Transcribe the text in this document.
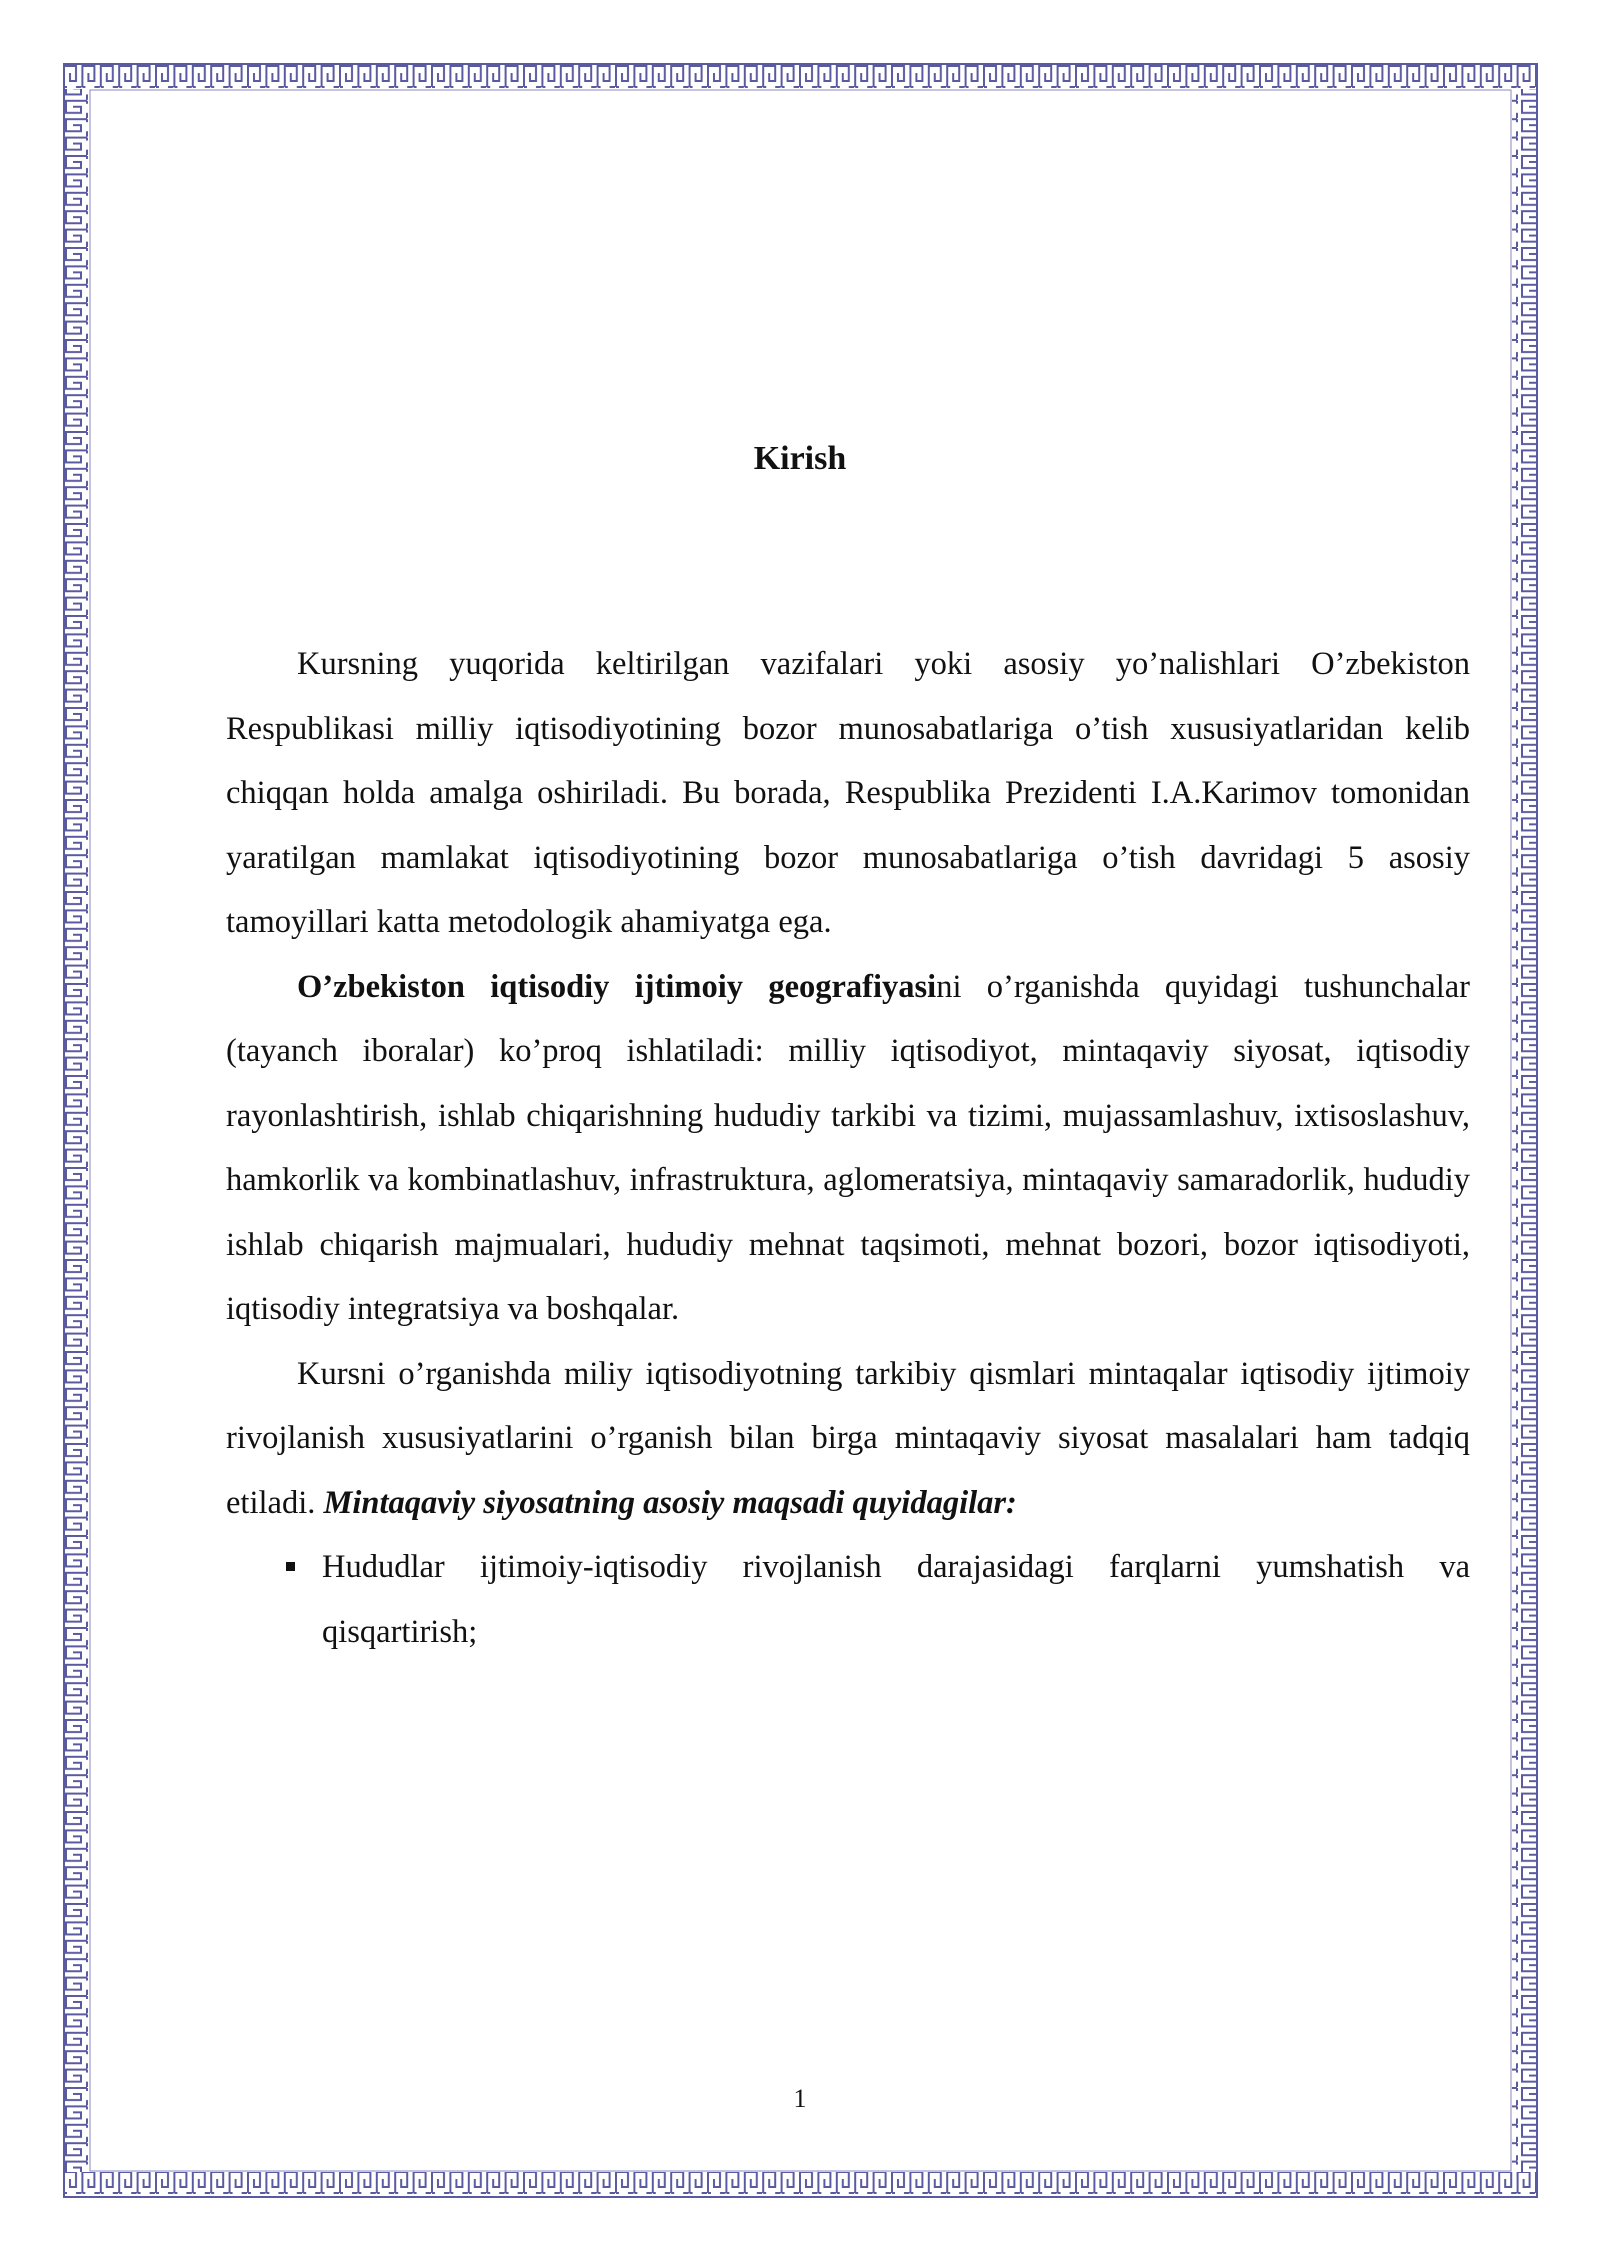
Kirish

Kursning yuqorida keltirilgan vazifalari yoki asosiy yo’nalishlari O’zbekiston Respublikasi milliy iqtisodiyotining bozor munosabatlariga o’tish xususiyatlaridan kelib chiqqan holda amalga oshiriladi. Bu borada, Respublika Prezidenti I.A.Karimov tomonidan yaratilgan mamlakat iqtisodiyotining bozor munosabatlariga o’tish davridagi 5 asosiy tamoyillari katta metodologik ahamiyatga ega.

O’zbekiston iqtisodiy ijtimoiy geografiyasini o’rganishda quyidagi tushunchalar (tayanch iboralar) ko’proq ishlatiladi: milliy iqtisodiyot, mintaqaviy siyosat, iqtisodiy rayonlashtirish, ishlab chiqarishning hududiy tarkibi va tizimi, mujassamlashuv, ixtisoslashuv, hamkorlik va kombinatlashuv, infrastruktura, aglomeratsiya, mintaqaviy samaradorlik, hududiy ishlab chiqarish majmualari, hududiy mehnat taqsimoti, mehnat bozori, bozor iqtisodiyoti, iqtisodiy integratsiya va boshqalar.

Kursni o’rganishda miliy iqtisodiyotning tarkibiy qismlari mintaqalar iqtisodiy ijtimoiy rivojlanish xususiyatlarini o’rganish bilan birga mintaqaviy siyosat masalalari ham tadqiq etiladi. Mintaqaviy siyosatning asosiy maqsadi quyidagilar:

Hududlar ijtimoiy-iqtisodiy rivojlanish darajasidagi farqlarni yumshatish va qisqartirish;
1
